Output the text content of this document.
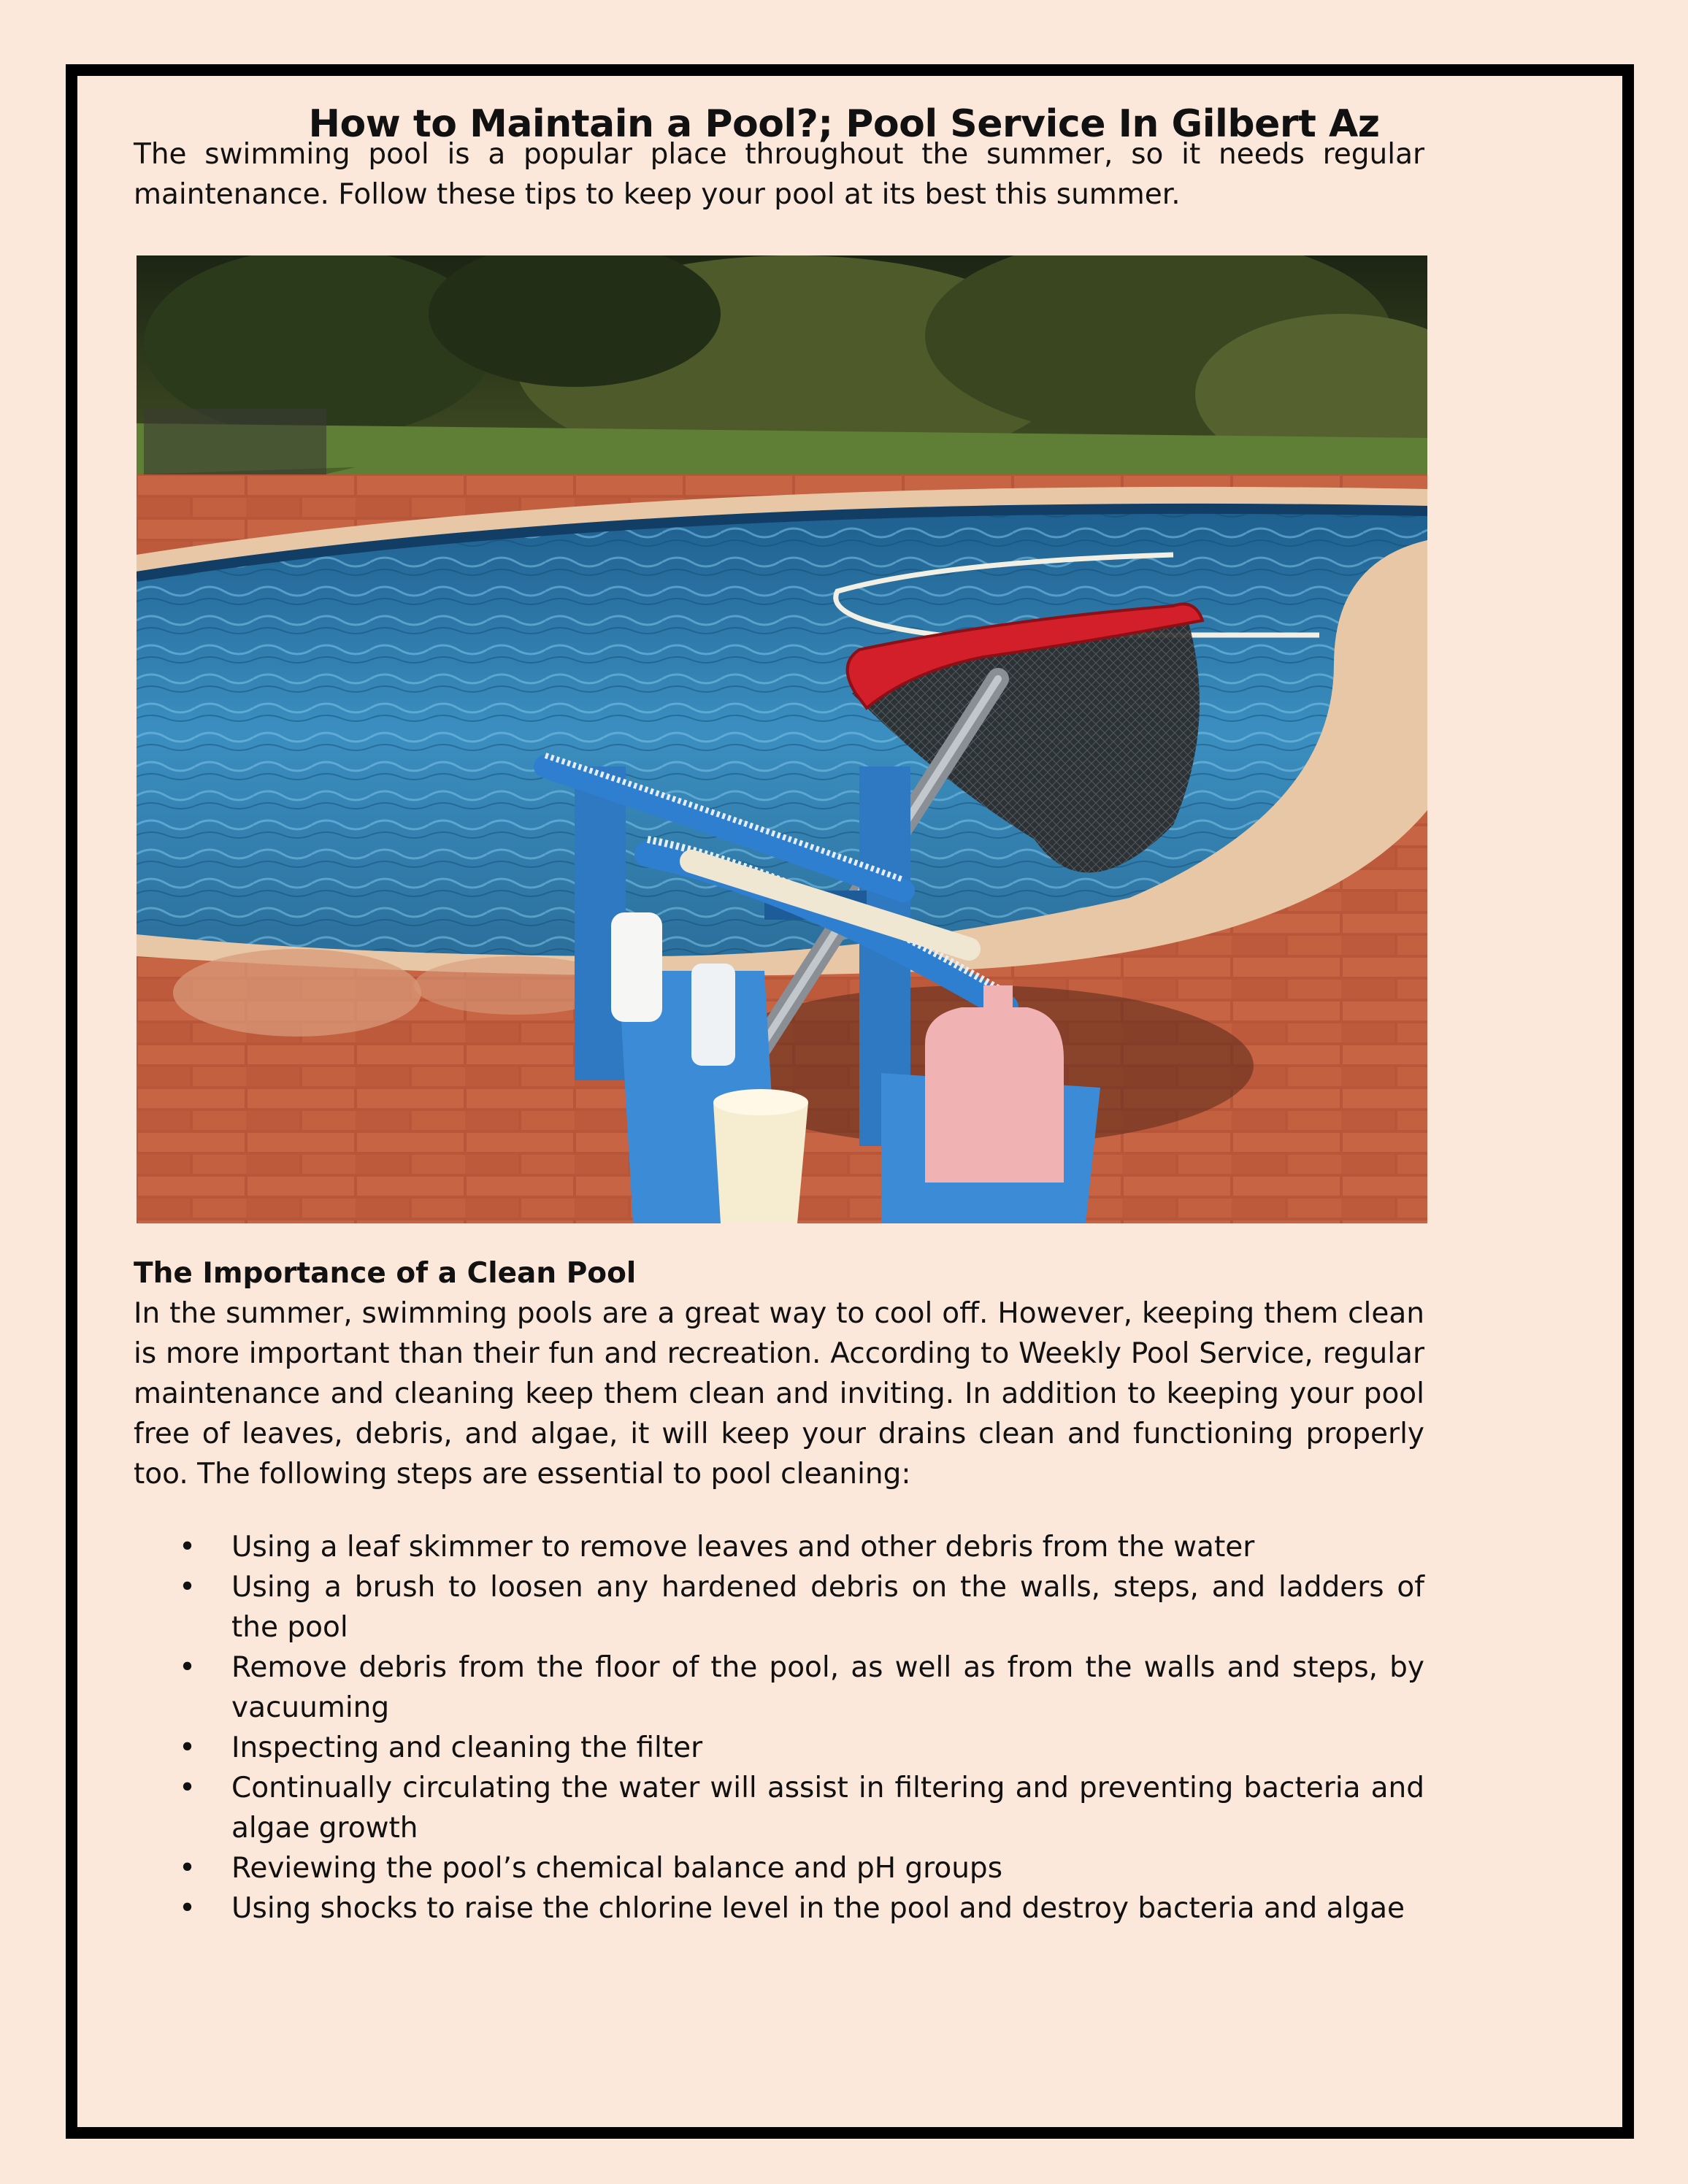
How to Maintain a Pool?; Pool Service In Gilbert Az

The swimming pool is a popular place throughout the summer, so it needs regular maintenance. Follow these tips to keep your pool at its best this summer.

The Importance of a Clean Pool
In the summer, swimming pools are a great way to cool off. However, keeping them clean is more important than their fun and recreation. According to Weekly Pool Service, regular maintenance and cleaning keep them clean and inviting. In addition to keeping your pool free of leaves, debris, and algae, it will keep your drains clean and functioning properly too. The following steps are essential to pool cleaning:

• Using a leaf skimmer to remove leaves and other debris from the water
• Using a brush to loosen any hardened debris on the walls, steps, and ladders of the pool
• Remove debris from the floor of the pool, as well as from the walls and steps, by vacuuming
• Inspecting and cleaning the filter
• Continually circulating the water will assist in filtering and preventing bacteria and algae growth
• Reviewing the pool’s chemical balance and pH groups
• Using shocks to raise the chlorine level in the pool and destroy bacteria and algae
